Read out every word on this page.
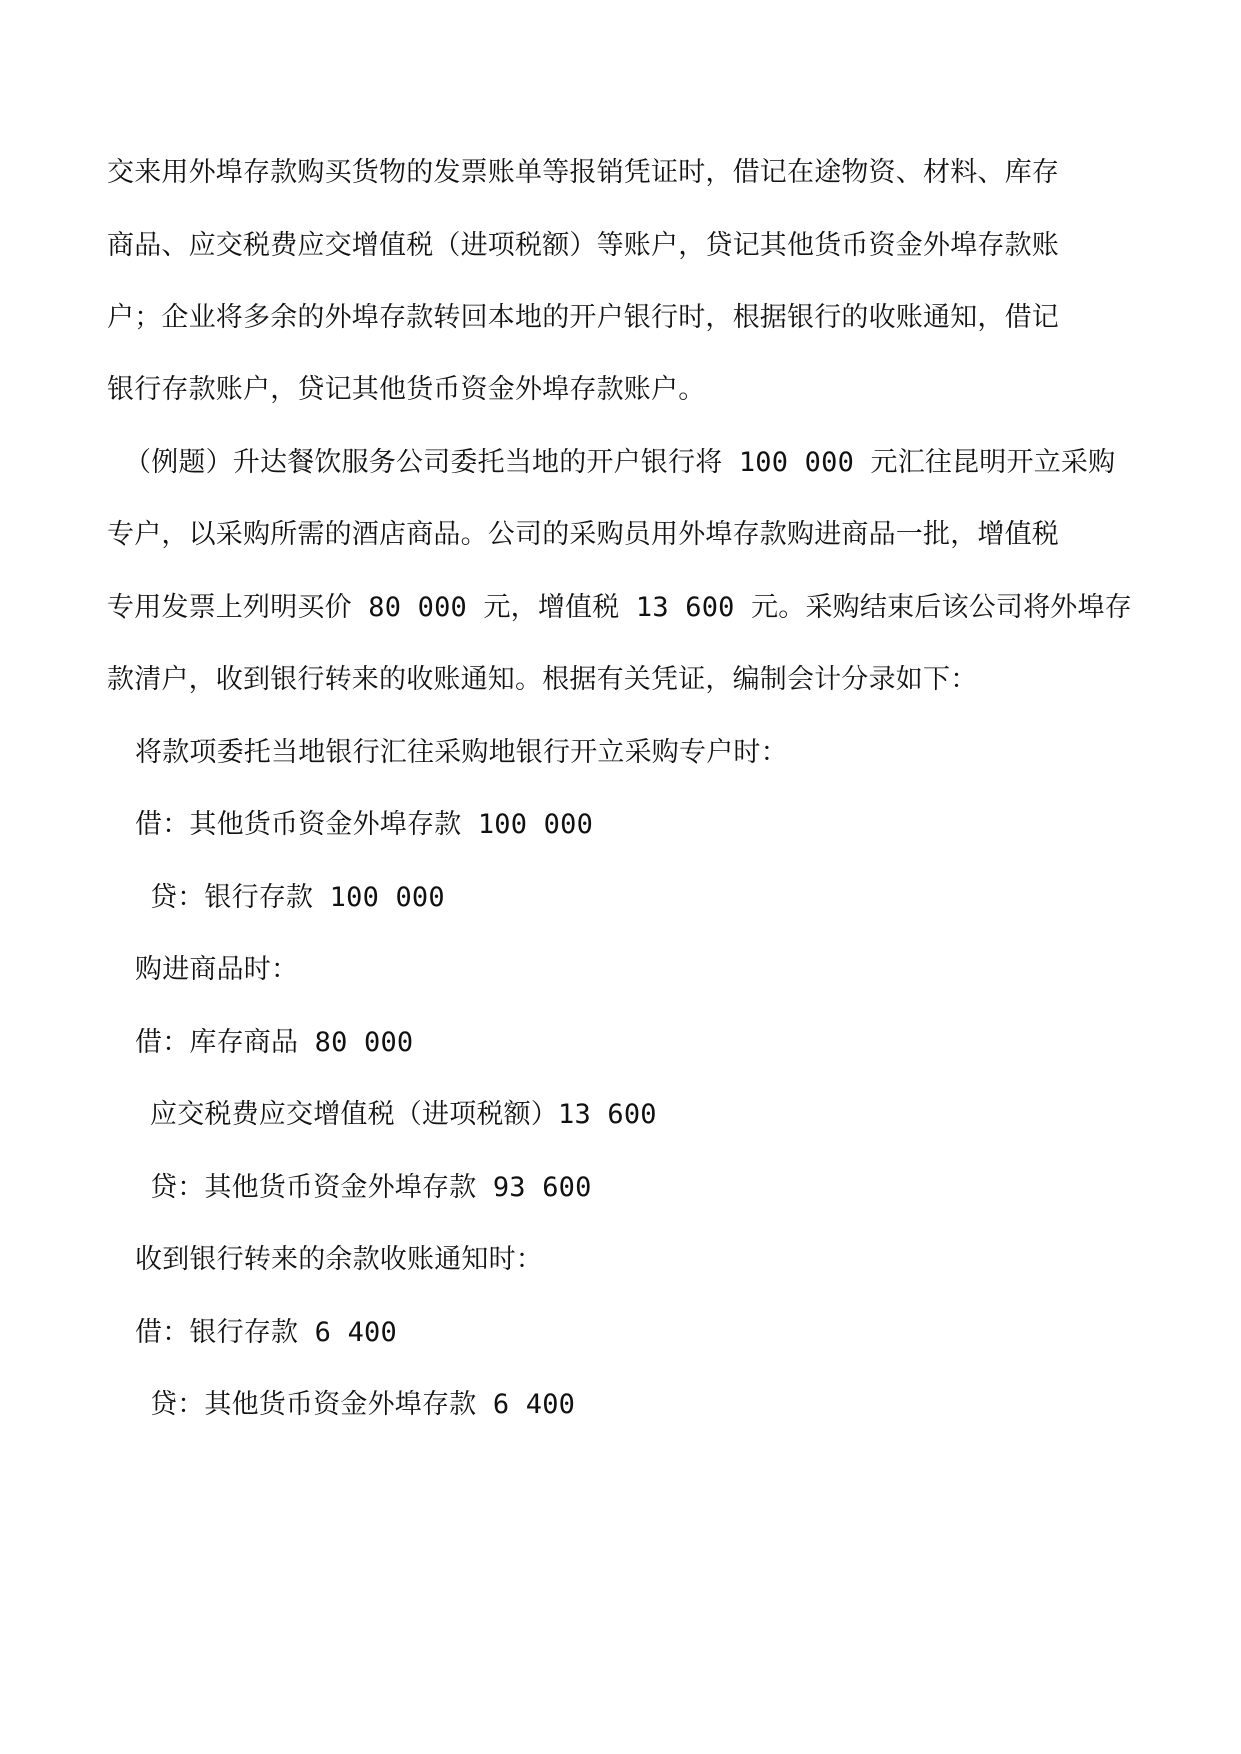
交来用外埠存款购买货物的发票账单等报销凭证时，借记在途物资、材料、库存
商品、应交税费应交增值税（进项税额）等账户，贷记其他货币资金外埠存款账
户；企业将多余的外埠存款转回本地的开户银行时，根据银行的收账通知，借记
银行存款账户，贷记其他货币资金外埠存款账户。
（例题）升达餐饮服务公司委托当地的开户银行将 100 000 元汇往昆明开立采购
专户，以采购所需的酒店商品。公司的采购员用外埠存款购进商品一批，增值税
专用发票上列明买价 80 000 元，增值税 13 600 元。采购结束后该公司将外埠存
款清户，收到银行转来的收账通知。根据有关凭证，编制会计分录如下：
将款项委托当地银行汇往采购地银行开立采购专户时：
借：其他货币资金外埠存款 100 000
贷：银行存款 100 000
购进商品时：
借：库存商品 80 000
应交税费应交增值税（进项税额）13 600
贷：其他货币资金外埠存款 93 600
收到银行转来的余款收账通知时：
借：银行存款 6 400
贷：其他货币资金外埠存款 6 400
